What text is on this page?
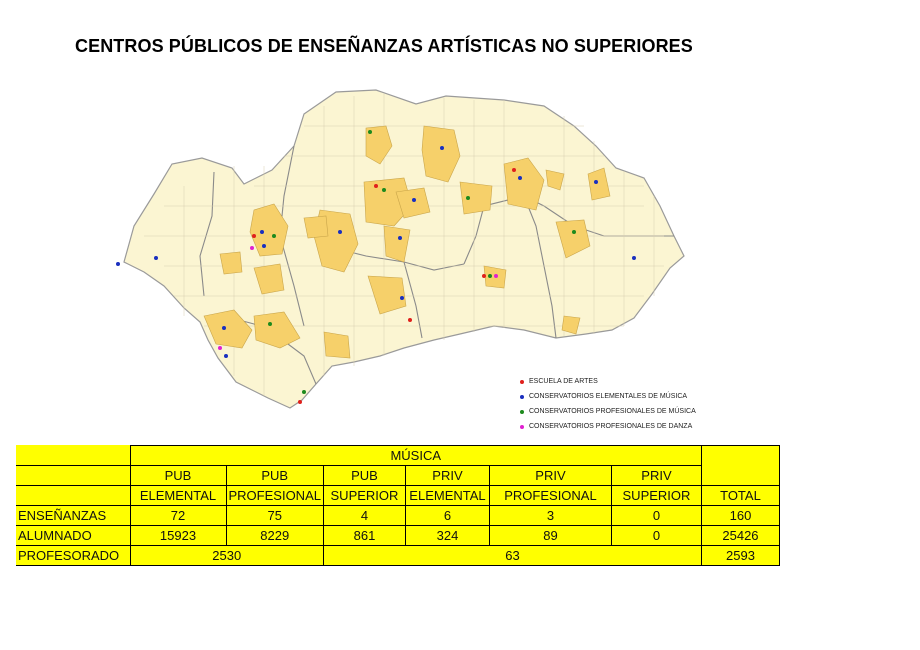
CENTROS PÚBLICOS DE ENSEÑANZAS ARTÍSTICAS NO SUPERIORES
ESCUELA DE ARTES
CONSERVATORIOS ELEMENTALES DE MÚSICA
CONSERVATORIOS PROFESIONALES DE MÚSICA
CONSERVATORIOS PROFESIONALES DE DANZA
	MÚSICA						
	PUB	PUB	PUB	PRIV	PRIV	PRIV	
	ELEMENTAL	PROFESIONAL	SUPERIOR	ELEMENTAL	PROFESIONAL	SUPERIOR	TOTAL
ENSEÑANZAS	72	75	4	6	3	0	160
ALUMNADO	15923	8229	861	324	89	0	25426
PROFESORADO	2530		63				2593
